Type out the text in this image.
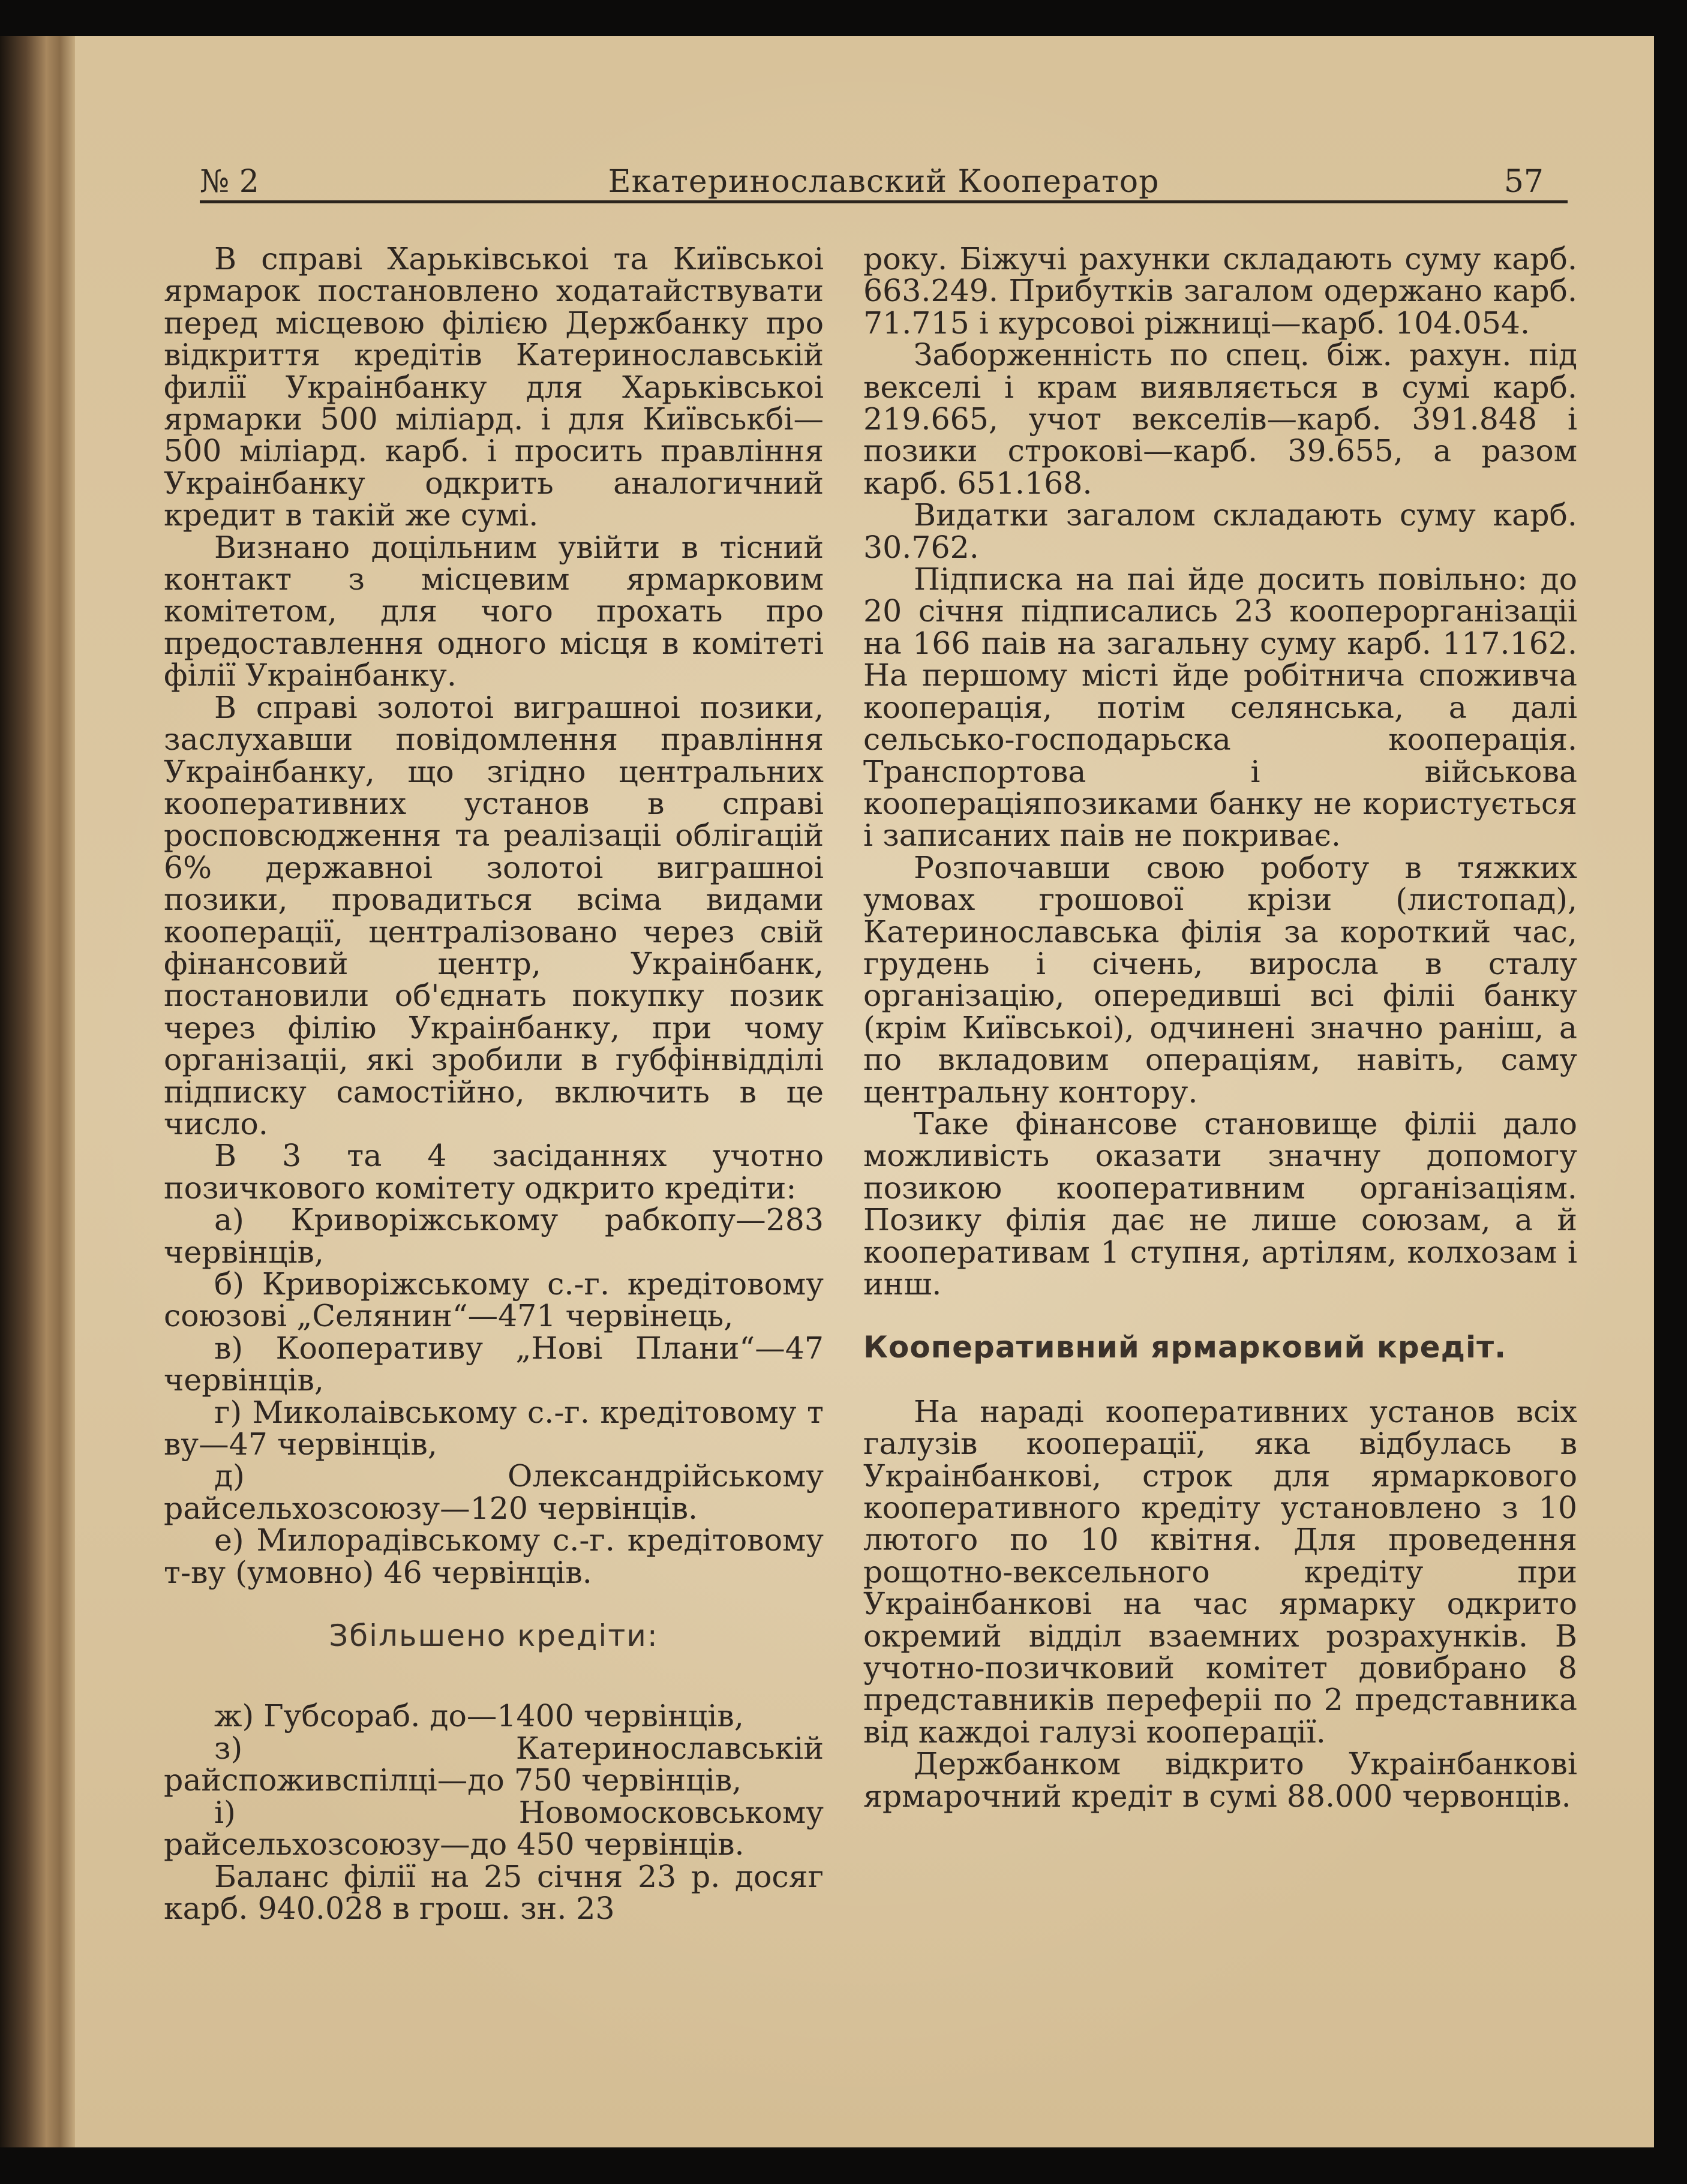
№ 2	Екатеринославский Кооператор	57

В справі Харьківськоі та Київськоі ярмарок постановлено ходатайствувати перед місцевою філією Держбанку про відкриття кредітів Катеринославській филії Украінбанку для Харьківськоі ярмарки 500 міліард. і для Київськбі—500 міліард. карб. і просить правління Украінбанку одкрить аналогичний кредит в такій же сумі.

Визнано доцільним увійти в тісний контакт з місцевим ярмарковим комітетом, для чого прохать про предоставлення одного місця в комітеті філії Украінбанку.

В справі золотоі виграшноі позики, заслухавши повідомлення правління Украінбанку, що згідно центральних кооперативних установ в справі росповсюдження та реалізаціі облігацій 6% державноі золотоі виграшноі позики, провадиться всіма видами кооперації, централізовано через свій фінансовий центр, Украінбанк, постановили об'єднать покупку позик через філію Украінбанку, при чому організаціі, які зробили в губфінвідділі підписку самостійно, включить в це число.

В 3 та 4 засіданнях учотно позичкового комітету одкрито кредіти:

а) Криворіжському рабкопу—283 червінців,

б) Криворіжському с.-г. кредітовому союзові „Селянин“—471 червінець,

в) Кооперативу „Нові Плани“—47 червінців,

г) Миколаівському с.-г. кредітовому т ву—47 червінців,

д) Олександрійському райсельхозсоюзу—120 червінців.

е) Милорадівському с.-г. кредітовому т-ву (умовно) 46 червінців.

Збільшено кредіти:

ж) Губсораб. до—1400 червінців,

з) Катеринославській райспоживспілці—до 750 червінців,

і) Новомосковському райсельхозсоюзу—до 450 червінців.

Баланс філії на 25 січня 23 р. досяг карб. 940.028 в грош. зн. 23

року. Біжучі рахунки складають суму карб. 663.249. Прибутків загалом одержано карб. 71.715 і курсовоі ріжниці—карб. 104.054.

Заборженність по спец. біж. рахун. під векселі і крам виявляється в сумі карб. 219.665, учот векселів—карб. 391.848 і позики строкові—карб. 39.655, а разом карб. 651.168.

Видатки загалом складають суму карб. 30.762.

Підписка на паі йде досить повільно: до 20 січня підписались 23 кооперорганізаціі на 166 паів на загальну суму карб. 117.162. На першому місті йде робітнича споживча кооперація, потім селянська, а далі сельсько-господарьска кооперація. Транспортова і військова коопераціяпозиками банку не користується і записаних паів не покриває.

Розпочавши свою роботу в тяжких умовах грошової крізи (листопад), Катеринославська філія за короткий час, грудень і січень, виросла в сталу організацію, опередивші всі філіі банку (крім Київськоі), одчинені значно раніш, а по вкладовим операціям, навіть, саму центральну контору.

Таке фінансове становище філіі дало можливість оказати значну допомогу позикою кооперативним організаціям. Позику філія дає не лише союзам, а й кооперативам 1 ступня, артілям, колхозам і инш.

Кооперативний ярмарковий кредіт.

На нараді кооперативних установ всіх галузів кооперації, яка відбулась в Украінбанкові, строк для ярмаркового кооперативного кредіту установлено з 10 лютого по 10 квітня. Для проведення рощотно-вексельного кредіту при Украінбанкові на час ярмарку одкрито окремий відділ взаемних розрахунків. В учотно-позичковий комітет довибрано 8 представників переферіі по 2 представника від каждоі галузі кооперації.

Держбанком відкрито Украінбанкові ярмарочний кредіт в сумі 88.000 червонців.
